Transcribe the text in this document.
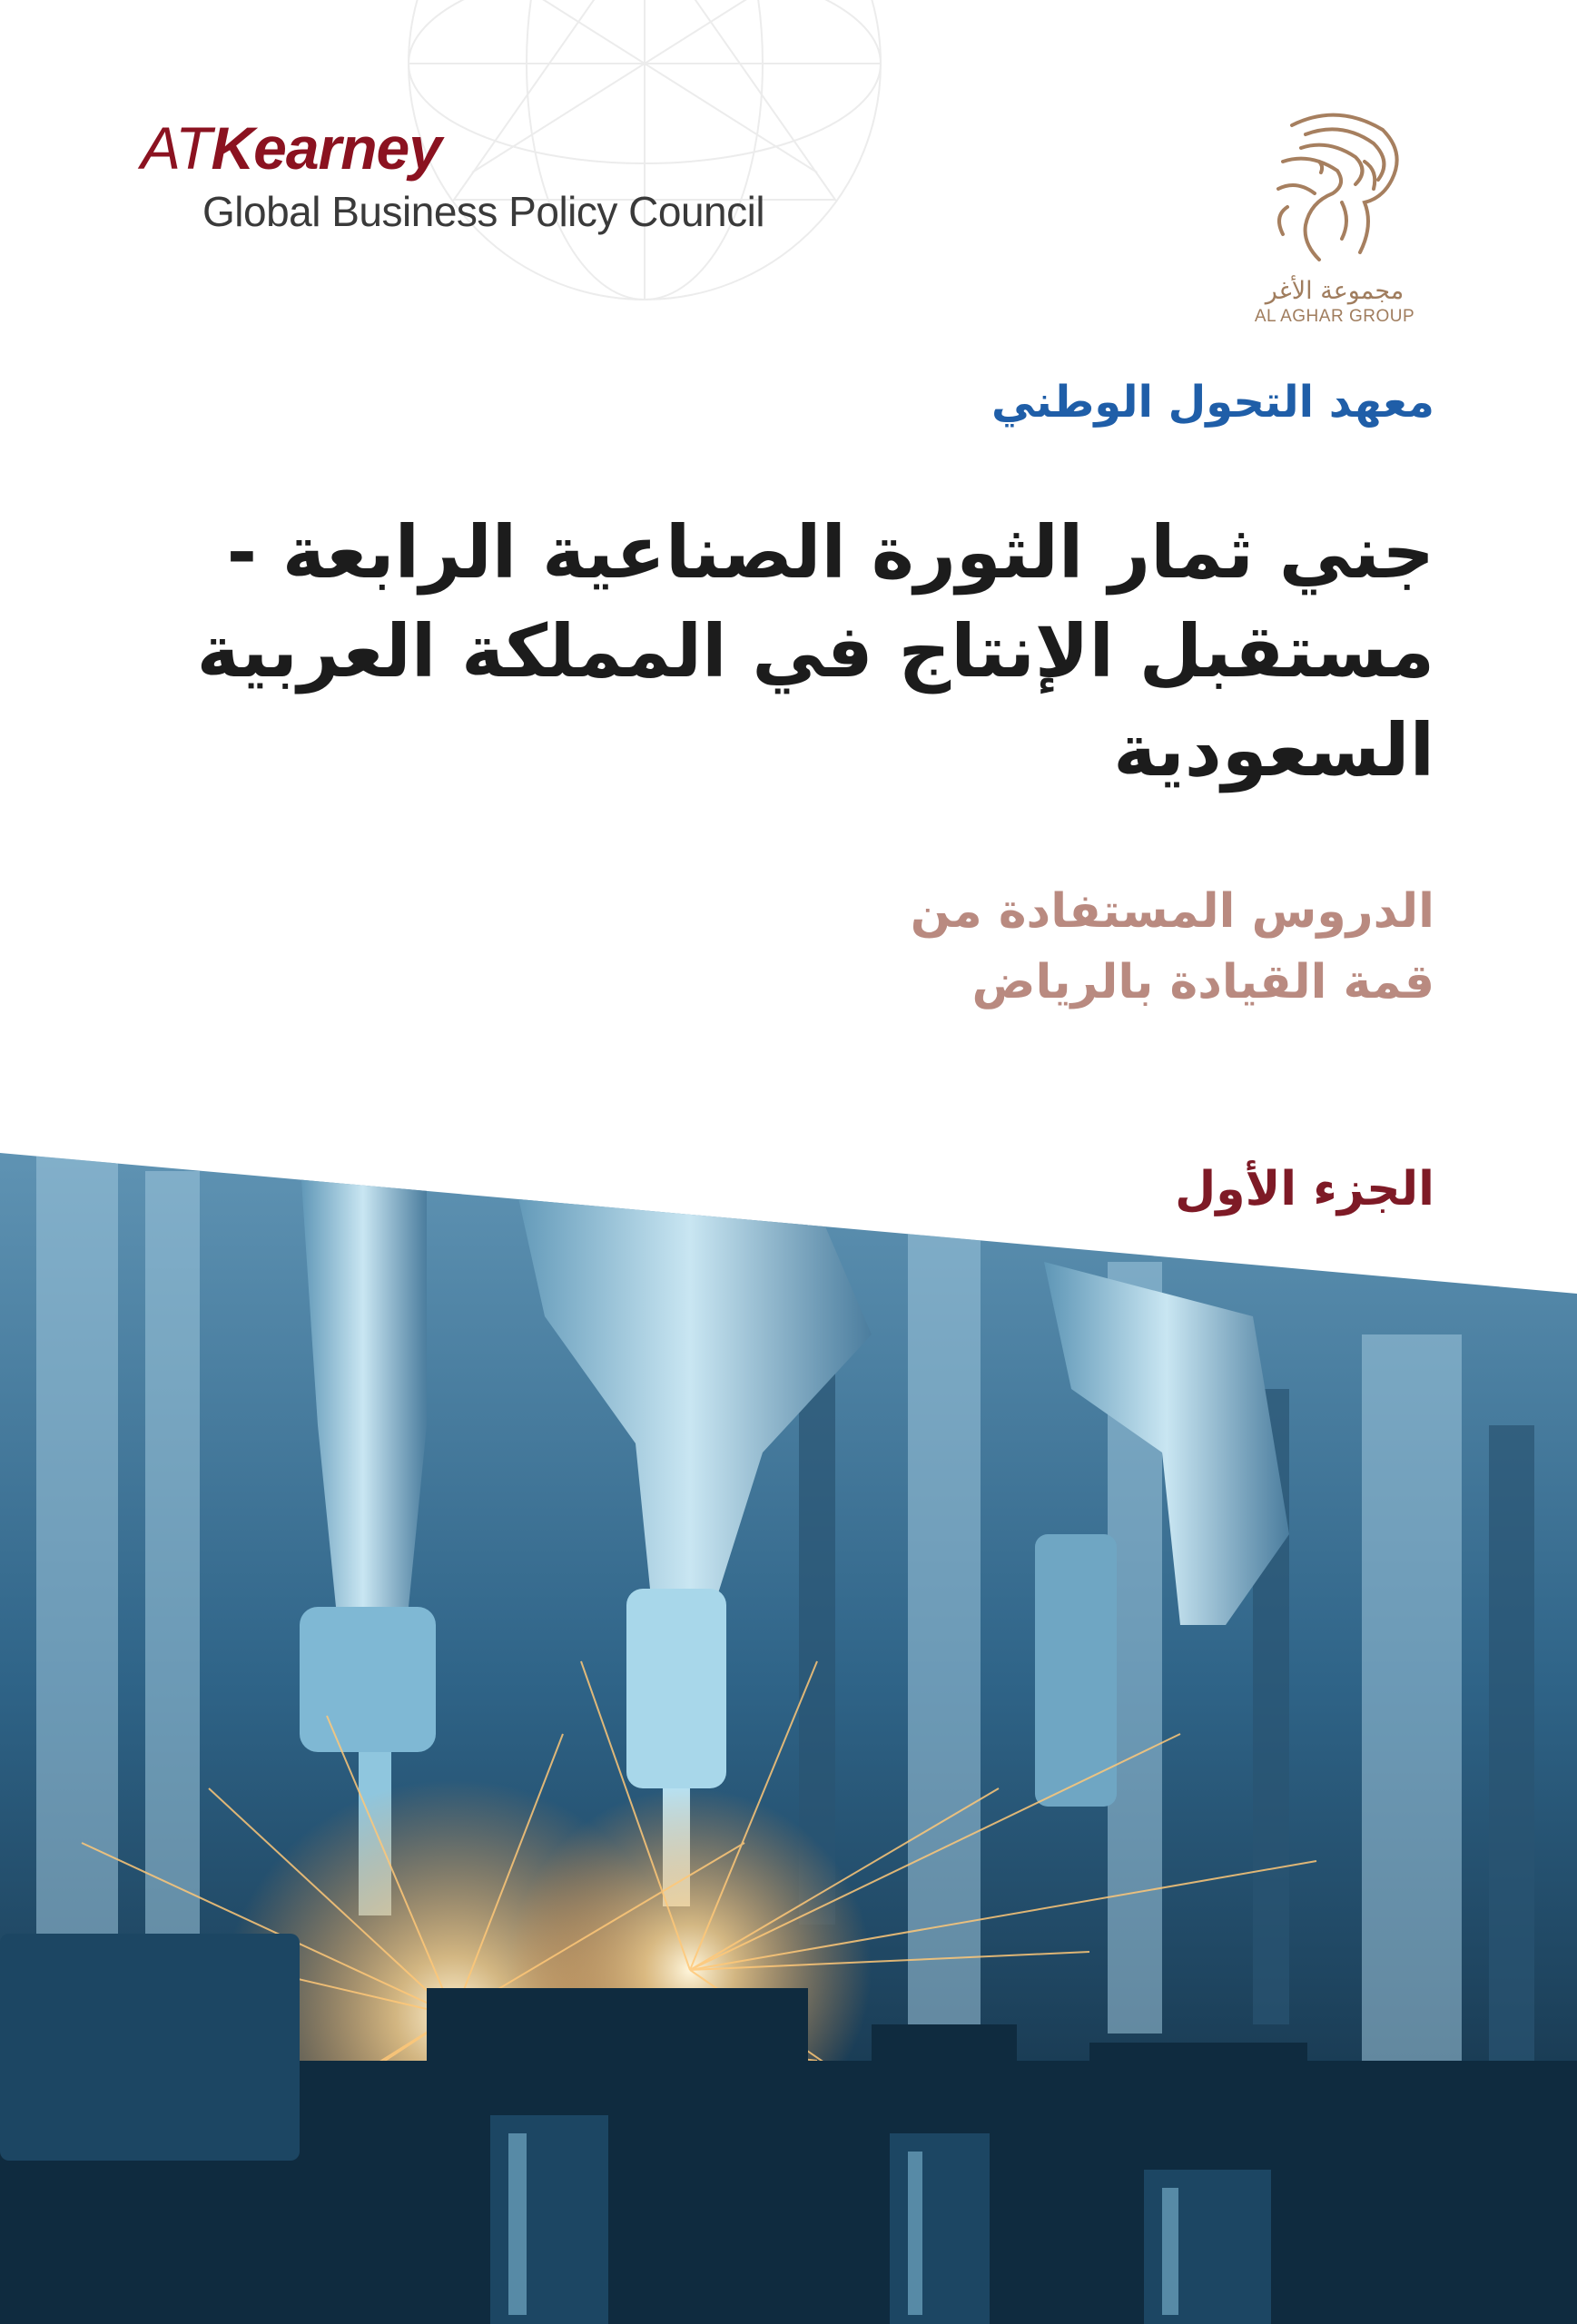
ATKearney
Global Business Policy Council
مجموعة الأغر
AL AGHAR GROUP
معهد التحول الوطني
جني ثمار الثورة الصناعية الرابعة -
مستقبل الإنتاج في المملكة العربية
السعودية
الدروس المستفادة من
قمة القيادة بالرياض
الجزء الأول
